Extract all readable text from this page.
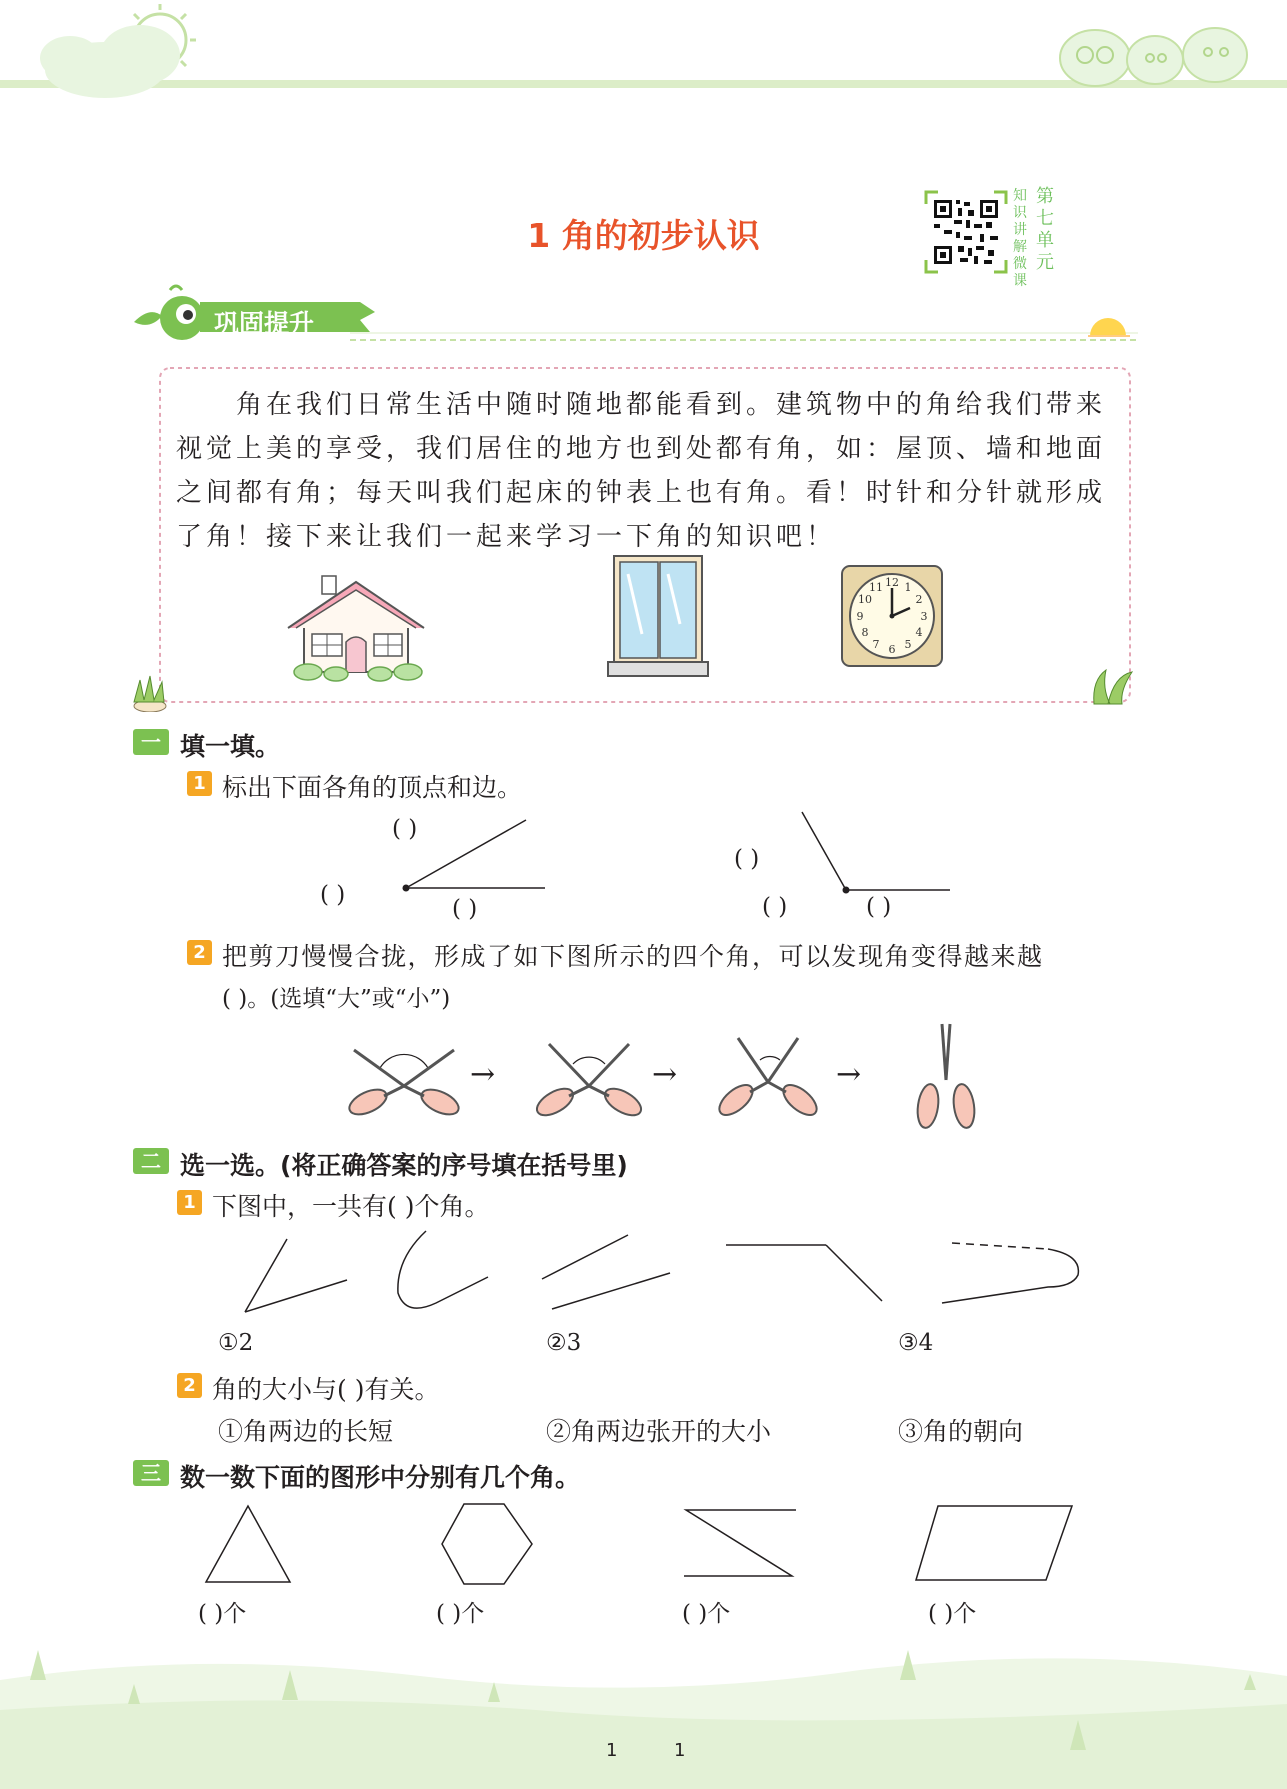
1 角的初步认识
知识讲解微课
第七单元
巩固提升

角在我们日常生活中随时随地都能看到。建筑物中的角给我们带来视觉上美的享受，我们居住的地方也到处都有角，如：屋顶、墙和地面之间都有角；每天叫我们起床的钟表上也有角。看！时针和分针就形成了角！接下来让我们一起来学习一下角的知识吧！

12 1
2
3
4
5
6
7
8
9
10
11
一 填一填。
1 标出下面各角的顶点和边。
( )
( )
( )
( )
( )	( )
2 把剪刀慢慢合拢，形成了如下图所示的四个角，可以发现角变得越来越
( )。(选填“大”或“小”)
→	→	→
二 选一选。(将正确答案的序号填在括号里)
1 下图中，一共有( )个角。
①2	②3	③4
2 角的大小与( )有关。
①角两边的长短	②角两边张开的大小	③角的朝向
三 数一数下面的图形中分别有几个角。
( )个	( )个	( )个	( )个
1	1
